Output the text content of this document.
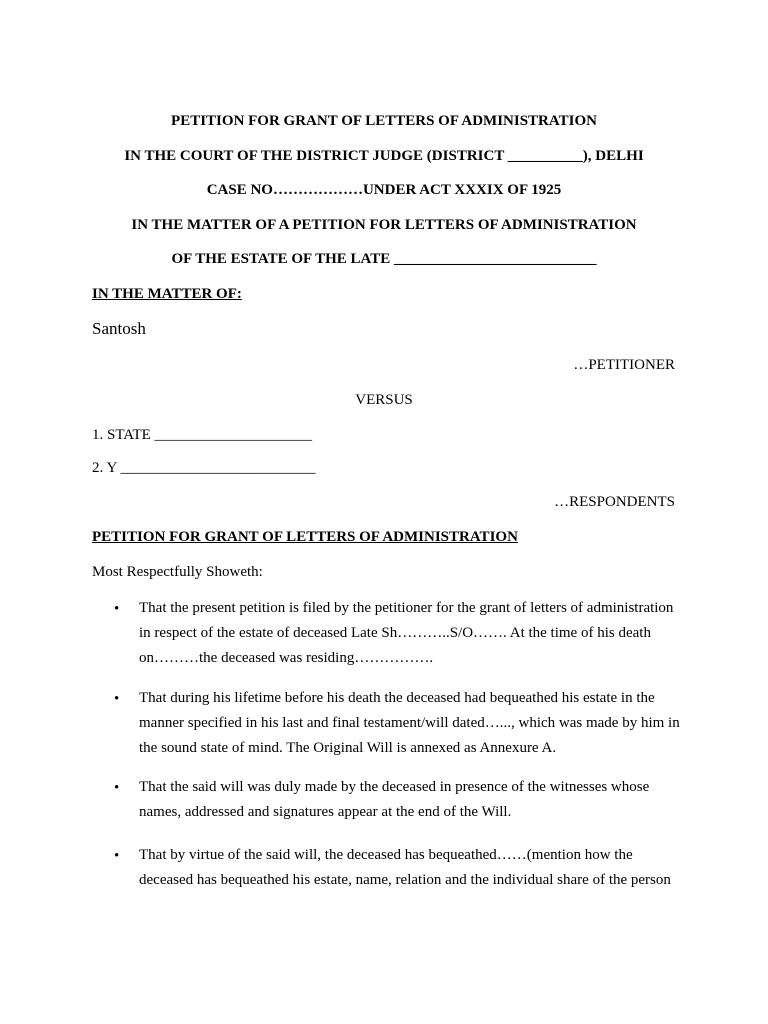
PETITION FOR GRANT OF LETTERS OF ADMINISTRATION
IN THE COURT OF THE DISTRICT JUDGE (DISTRICT __________), DELHI
CASE NO………………UNDER ACT XXXIX OF 1925
IN THE MATTER OF A PETITION FOR LETTERS OF ADMINISTRATION
OF THE ESTATE OF THE LATE ___________________________
IN THE MATTER OF:
Santosh
…PETITIONER
VERSUS
1. STATE _____________________
2. Y __________________________
…RESPONDENTS
PETITION FOR GRANT OF LETTERS OF ADMINISTRATION
Most Respectfully Showeth:
• That the present petition is filed by the petitioner for the grant of letters of administration in respect of the estate of deceased Late Sh………..S/O……. At the time of his death on………the deceased was residing…………….
• That during his lifetime before his death the deceased had bequeathed his estate in the manner specified in his last and final testament/will dated…..., which was made by him in the sound state of mind. The Original Will is annexed as Annexure A.
• That the said will was duly made by the deceased in presence of the witnesses whose names, addressed and signatures appear at the end of the Will.
• That by virtue of the said will, the deceased has bequeathed……(mention how the deceased has bequeathed his estate, name, relation and the individual share of the person
